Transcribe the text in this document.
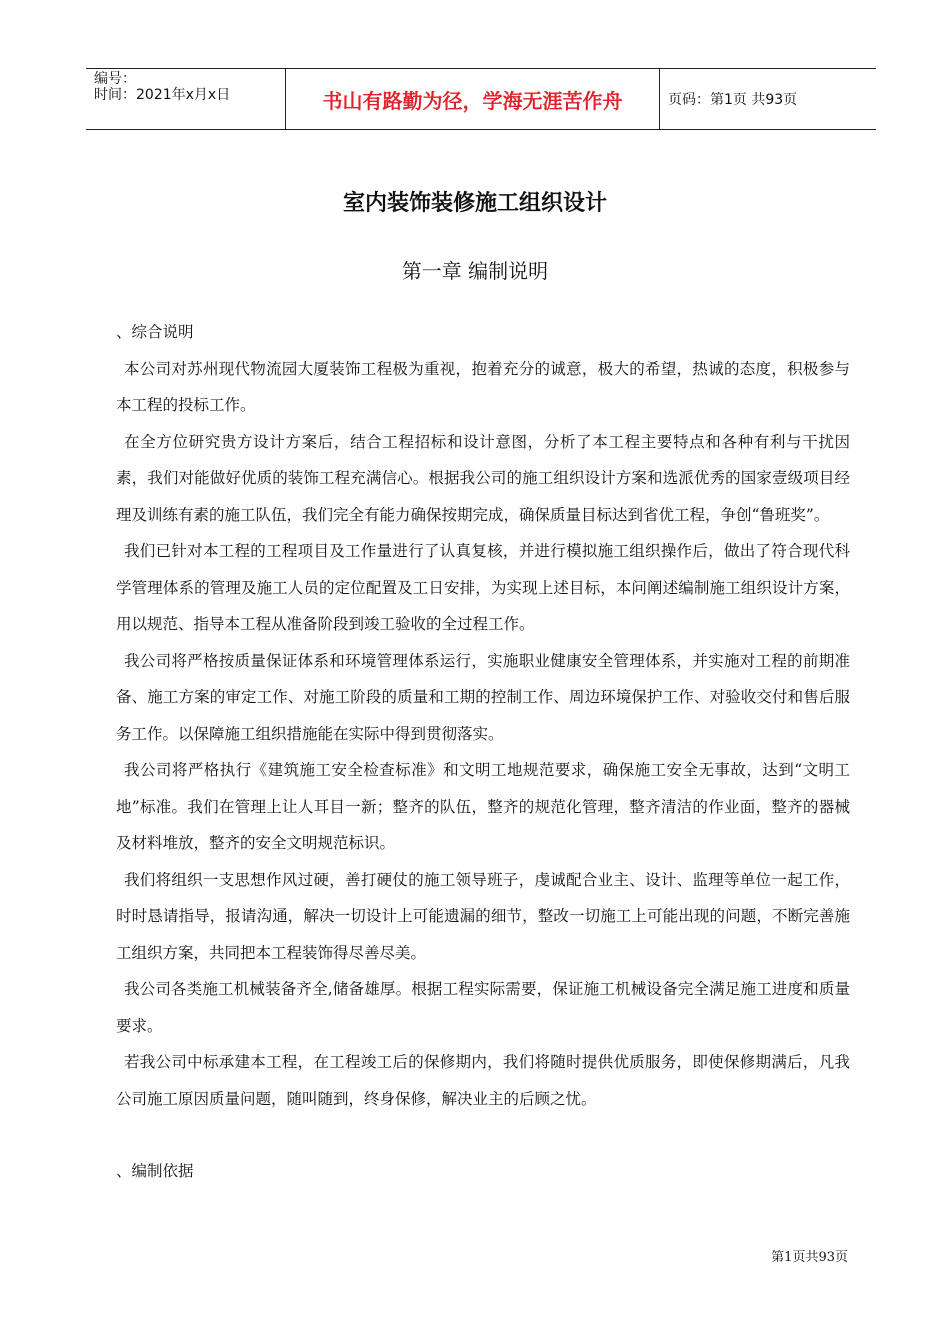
编号：
时间：2021年x月x日	书山有路勤为径，学海无涯苦作舟	页码：第1页 共93页
室内装饰装修施工组织设计
第一章 编制说明

、综合说明

本公司对苏州现代物流园大厦装饰工程极为重视，抱着充分的诚意，极大的希望，热诚的态度，积极参与本工程的投标工作。

在全方位研究贵方设计方案后，结合工程招标和设计意图，分析了本工程主要特点和各种有利与干扰因素，我们对能做好优质的装饰工程充满信心。根据我公司的施工组织设计方案和选派优秀的国家壹级项目经理及训练有素的施工队伍，我们完全有能力确保按期完成，确保质量目标达到省优工程，争创“鲁班奖”。

我们已针对本工程的工程项目及工作量进行了认真复核，并进行模拟施工组织操作后，做出了符合现代科学管理体系的管理及施工人员的定位配置及工日安排，为实现上述目标，本问阐述编制施工组织设计方案，用以规范、指导本工程从准备阶段到竣工验收的全过程工作。

我公司将严格按质量保证体系和环境管理体系运行，实施职业健康安全管理体系，并实施对工程的前期准备、施工方案的审定工作、对施工阶段的质量和工期的控制工作、周边环境保护工作、对验收交付和售后服务工作。以保障施工组织措施能在实际中得到贯彻落实。

我公司将严格执行《建筑施工安全检查标准》和文明工地规范要求，确保施工安全无事故，达到“文明工地”标准。我们在管理上让人耳目一新；整齐的队伍，整齐的规范化管理，整齐清洁的作业面，整齐的器械及材料堆放，整齐的安全文明规范标识。

我们将组织一支思想作风过硬，善打硬仗的施工领导班子，虔诚配合业主、设计、监理等单位一起工作，时时恳请指导，报请沟通，解决一切设计上可能遗漏的细节，整改一切施工上可能出现的问题，不断完善施工组织方案，共同把本工程装饰得尽善尽美。

我公司各类施工机械装备齐全,储备雄厚。根据工程实际需要，保证施工机械设备完全满足施工进度和质量要求。

若我公司中标承建本工程，在工程竣工后的保修期内，我们将随时提供优质服务，即使保修期满后，凡我公司施工原因质量问题，随叫随到，终身保修，解决业主的后顾之忧。

、编制依据

第1页共93页
